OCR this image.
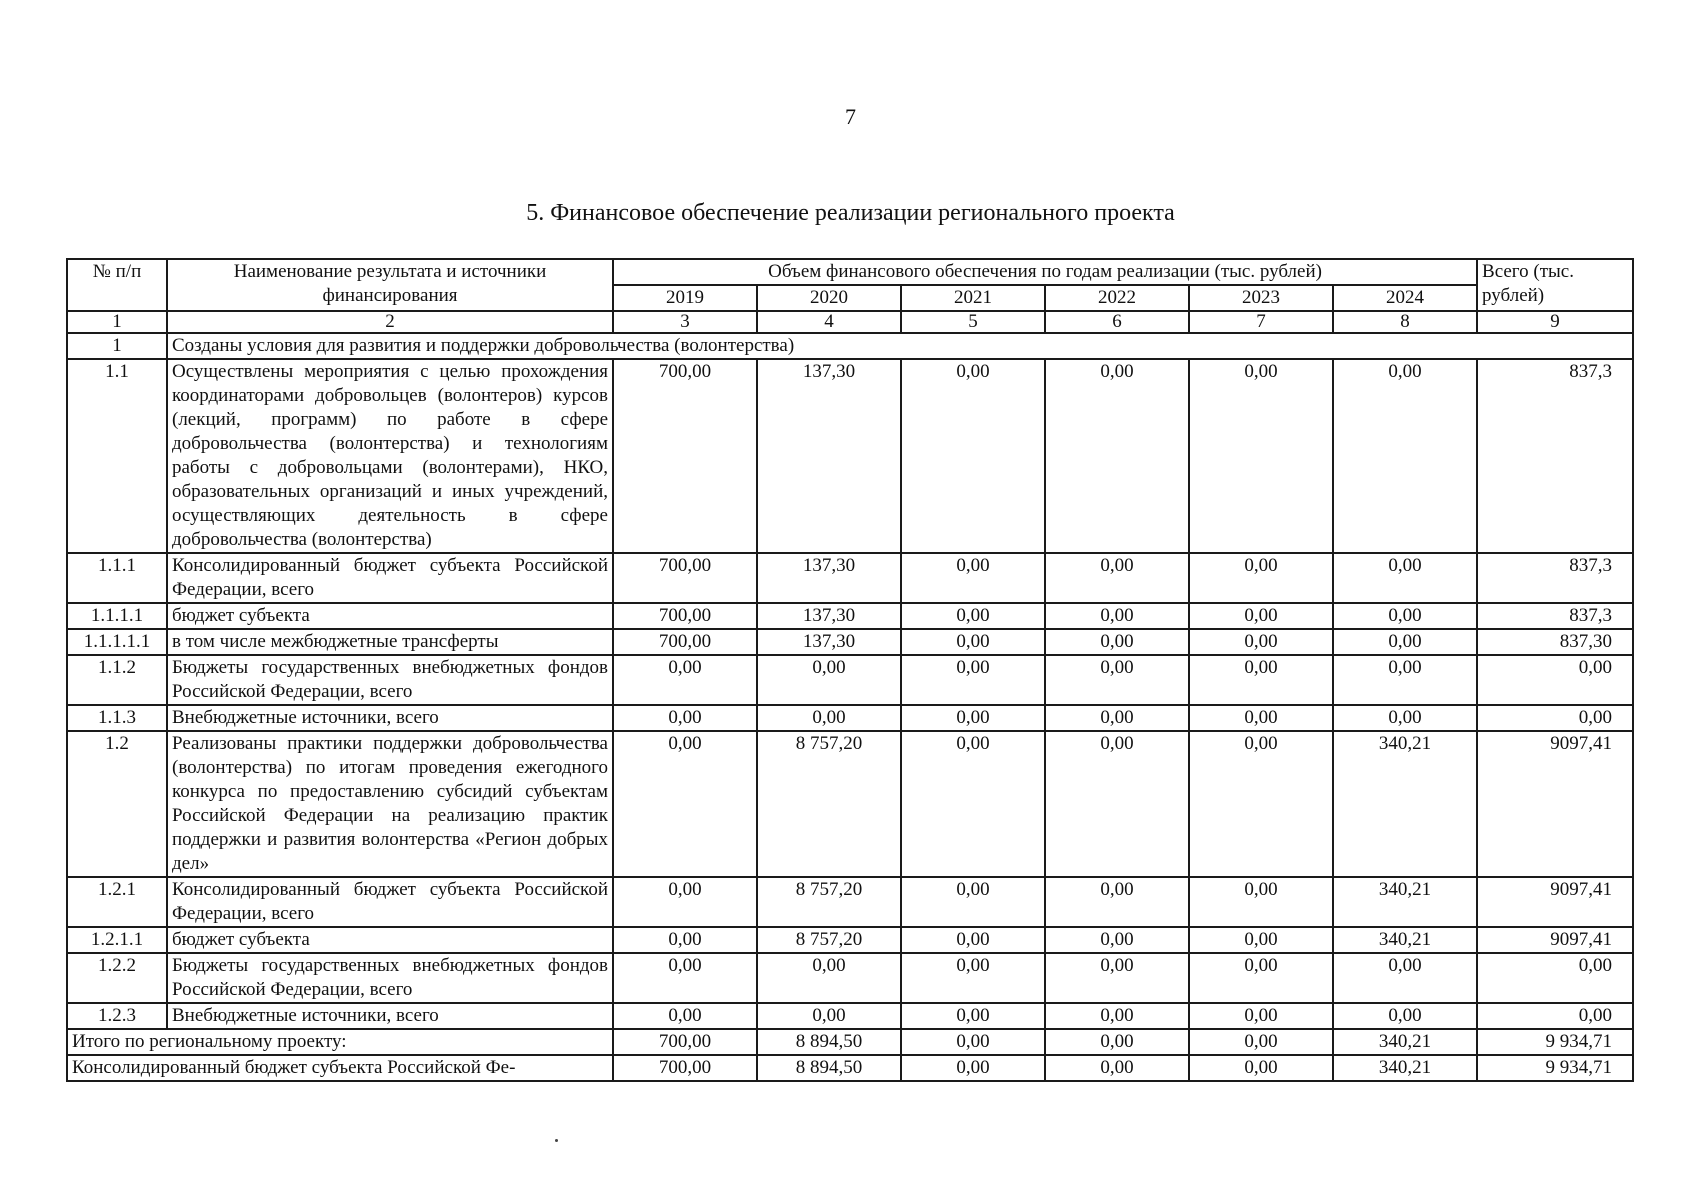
7
5. Финансовое обеспечение реализации регионального проекта
№ п/п	Наименование результата и источники финансирования	Объем финансового обеспечения по годам реализации (тыс. рублей)						Всего (тыс. рублей)
		2019	2020	2021	2022	2023	2024	
1	2	3	4	5	6	7	8	9
1	Созданы условия для развития и поддержки добровольчества (волонтерства)							
1.1	Осуществлены мероприятия с целью прохождения координаторами добровольцев (волонтеров) курсов (лекций, программ) по работе в сфере добровольчества (волонтерства) и технологиям работы с добровольцами (волонтерами), НКО, образовательных организаций и иных учреждений, осуществляющих деятельность в сфере добровольчества (волонтерства)	700,00	137,30	0,00	0,00	0,00	0,00	837,3
1.1.1	Консолидированный бюджет субъекта Российской Федерации, всего	700,00	137,30	0,00	0,00	0,00	0,00	837,3
1.1.1.1	бюджет субъекта	700,00	137,30	0,00	0,00	0,00	0,00	837,3
1.1.1.1.1	в том числе межбюджетные трансферты	700,00	137,30	0,00	0,00	0,00	0,00	837,30
1.1.2	Бюджеты государственных внебюджетных фондов Российской Федерации, всего	0,00	0,00	0,00	0,00	0,00	0,00	0,00
1.1.3	Внебюджетные источники, всего	0,00	0,00	0,00	0,00	0,00	0,00	0,00
1.2	Реализованы практики поддержки добровольчества (волонтерства) по итогам проведения ежегодного конкурса по предоставлению субсидий субъектам Российской Федерации на реализацию практик поддержки и развития волонтерства «Регион добрых дел»	0,00	8 757,20	0,00	0,00	0,00	340,21	9097,41
1.2.1	Консолидированный бюджет субъекта Российской Федерации, всего	0,00	8 757,20	0,00	0,00	0,00	340,21	9097,41
1.2.1.1	бюджет субъекта	0,00	8 757,20	0,00	0,00	0,00	340,21	9097,41
1.2.2	Бюджеты государственных внебюджетных фондов Российской Федерации, всего	0,00	0,00	0,00	0,00	0,00	0,00	0,00
1.2.3	Внебюджетные источники, всего	0,00	0,00	0,00	0,00	0,00	0,00	0,00
Итого по региональному проекту:		700,00	8 894,50	0,00	0,00	0,00	340,21	9 934,71
Консолидированный бюджет субъекта Российской Фе-		700,00	8 894,50	0,00	0,00	0,00	340,21	9 934,71
